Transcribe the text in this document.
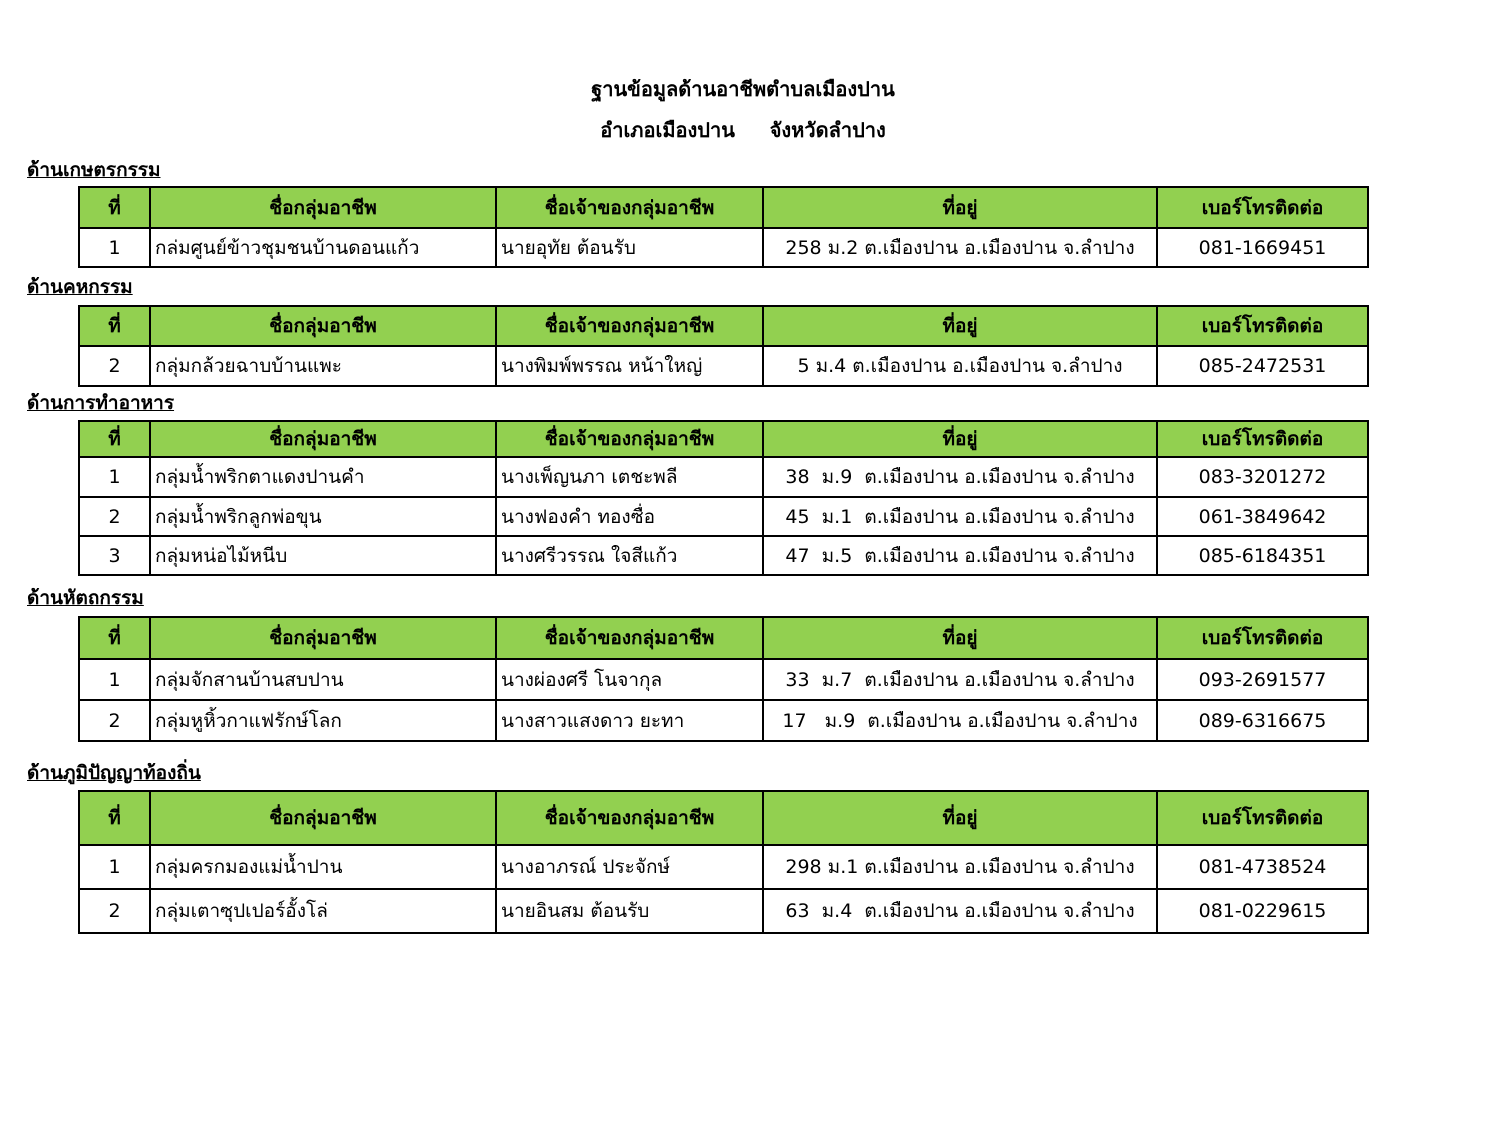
ฐานข้อมูลด้านอาชีพตำบลเมืองปาน
อำเภอเมืองปาน     จังหวัดลำปาง
ด้านเกษตรกรรม
ที่	ชื่อกลุ่มอาชีพ	ชื่อเจ้าของกลุ่มอาชีพ	ที่อยู่	เบอร์โทรติดต่อ
1	กล่มศูนย์ข้าวชุมชนบ้านดอนแก้ว	นายอุทัย ต้อนรับ	258 ม.2 ต.เมืองปาน อ.เมืองปาน จ.ลำปาง	081-1669451
ด้านคหกรรม
ที่	ชื่อกลุ่มอาชีพ	ชื่อเจ้าของกลุ่มอาชีพ	ที่อยู่	เบอร์โทรติดต่อ
2	กลุ่มกล้วยฉาบบ้านแพะ	นางพิมพ์พรรณ หน้าใหญ่	5 ม.4 ต.เมืองปาน อ.เมืองปาน จ.ลำปาง	085-2472531
ด้านการทำอาหาร
ที่	ชื่อกลุ่มอาชีพ	ชื่อเจ้าของกลุ่มอาชีพ	ที่อยู่	เบอร์โทรติดต่อ
1	กลุ่มน้ำพริกตาแดงปานคำ	นางเพ็ญนภา เตชะพลี	38  ม.9  ต.เมืองปาน อ.เมืองปาน จ.ลำปาง	083-3201272
2	กลุ่มน้ำพริกลูกพ่อขุน	นางฟองคำ ทองซื่อ	45  ม.1  ต.เมืองปาน อ.เมืองปาน จ.ลำปาง	061-3849642
3	กลุ่มหน่อไม้หนีบ	นางศรีวรรณ ใจสีแก้ว	47  ม.5  ต.เมืองปาน อ.เมืองปาน จ.ลำปาง	085-6184351
ด้านหัตถกรรม
ที่	ชื่อกลุ่มอาชีพ	ชื่อเจ้าของกลุ่มอาชีพ	ที่อยู่	เบอร์โทรติดต่อ
1	กลุ่มจักสานบ้านสบปาน	นางผ่องศรี โนจากุล	33  ม.7  ต.เมืองปาน อ.เมืองปาน จ.ลำปาง	093-2691577
2	กลุ่มหูหิ้วกาแฟรักษ์โลก	นางสาวแสงดาว ยะทา	17   ม.9  ต.เมืองปาน อ.เมืองปาน จ.ลำปาง	089-6316675
ด้านภูมิปัญญาท้องถิ่น
ที่	ชื่อกลุ่มอาชีพ	ชื่อเจ้าของกลุ่มอาชีพ	ที่อยู่	เบอร์โทรติดต่อ
1	กลุ่มครกมองแม่น้ำปาน	นางอาภรณ์ ประจักษ์	298 ม.1 ต.เมืองปาน อ.เมืองปาน จ.ลำปาง	081-4738524
2	กลุ่มเตาซุปเปอร์อั้งโล่	นายอินสม ต้อนรับ	63  ม.4  ต.เมืองปาน อ.เมืองปาน จ.ลำปาง	081-0229615
